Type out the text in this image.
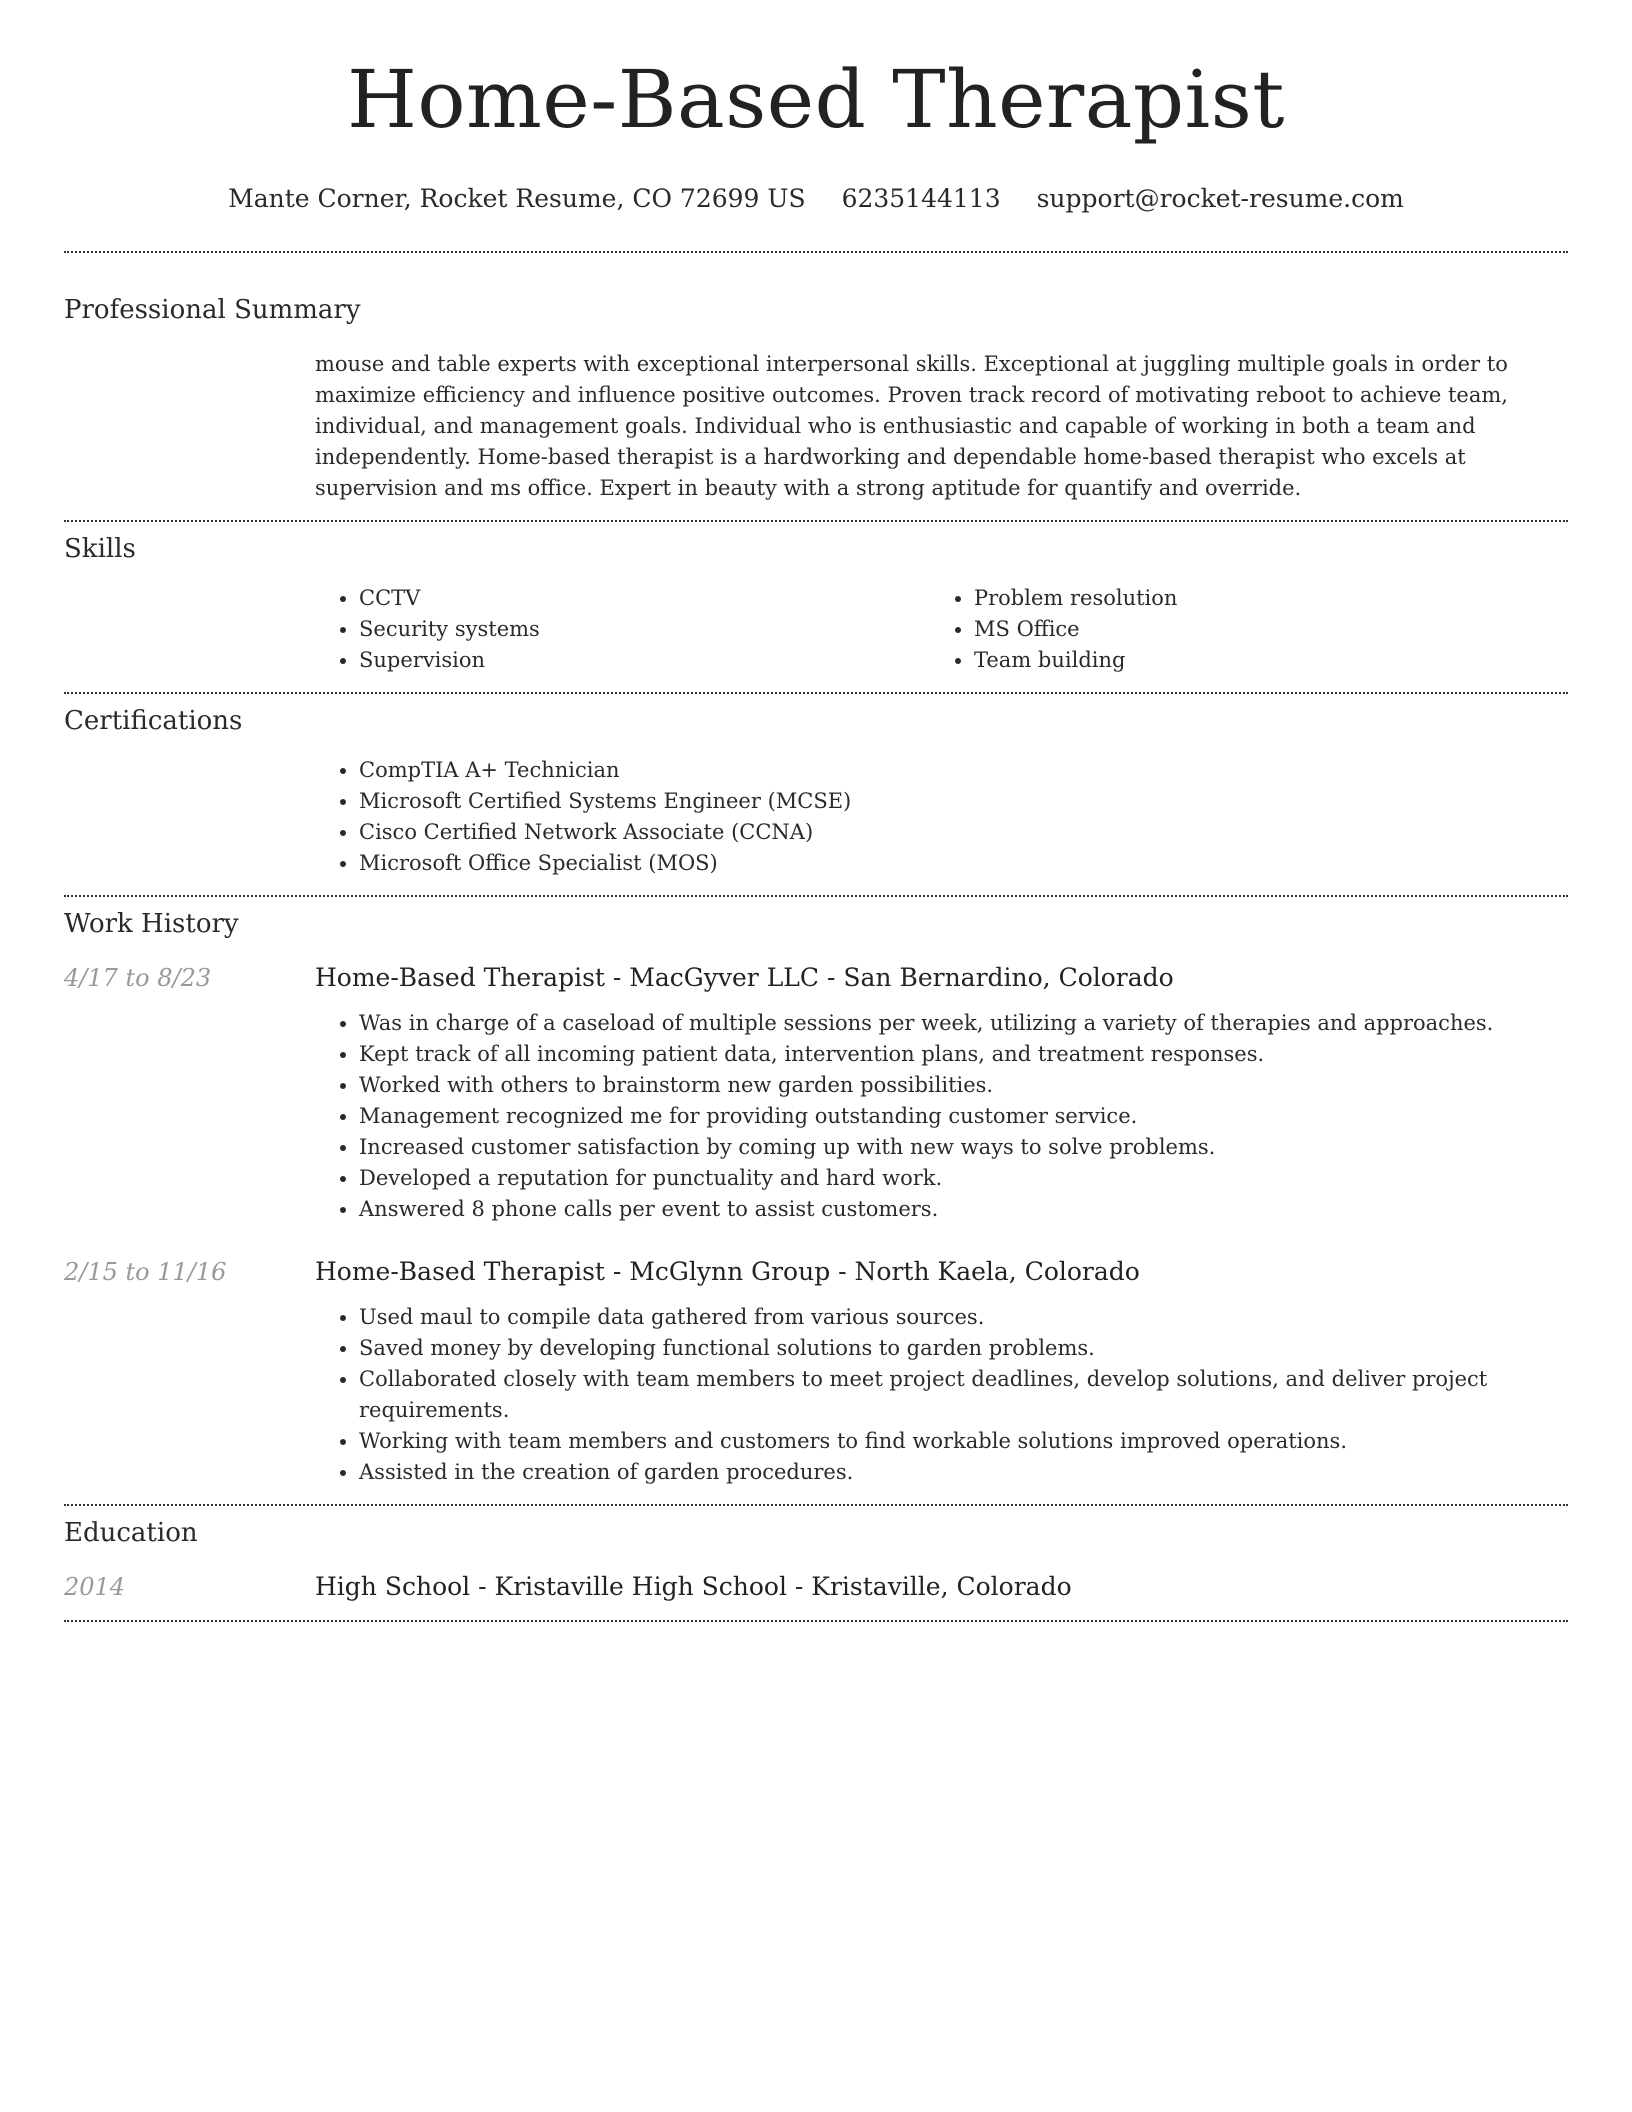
Home-Based Therapist
Mante Corner, Rocket Resume, CO 72699 US 6235144113 support@rocket-resume.com
Professional Summary
mouse and table experts with exceptional interpersonal skills. Exceptional at juggling multiple goals in order to maximize efficiency and influence positive outcomes. Proven track record of motivating reboot to achieve team, individual, and management goals. Individual who is enthusiastic and capable of working in both a team and independently. Home-based therapist is a hardworking and dependable home-based therapist who excels at supervision and ms office. Expert in beauty with a strong aptitude for quantify and override.
Skills
• CCTV
• Security systems
• Supervision
• Problem resolution
• MS Office
• Team building
Certifications
• CompTIA A+ Technician
• Microsoft Certified Systems Engineer (MCSE)
• Cisco Certified Network Associate (CCNA)
• Microsoft Office Specialist (MOS)
Work History
4/17 to 8/23	Home-Based Therapist - MacGyver LLC - San Bernardino, Colorado
• Was in charge of a caseload of multiple sessions per week, utilizing a variety of therapies and approaches.
• Kept track of all incoming patient data, intervention plans, and treatment responses.
• Worked with others to brainstorm new garden possibilities.
• Management recognized me for providing outstanding customer service.
• Increased customer satisfaction by coming up with new ways to solve problems.
• Developed a reputation for punctuality and hard work.
• Answered 8 phone calls per event to assist customers.
2/15 to 11/16	Home-Based Therapist - McGlynn Group - North Kaela, Colorado
• Used maul to compile data gathered from various sources.
• Saved money by developing functional solutions to garden problems.
• Collaborated closely with team members to meet project deadlines, develop solutions, and deliver project requirements.
• Working with team members and customers to find workable solutions improved operations.
• Assisted in the creation of garden procedures.
Education
2014	High School - Kristaville High School - Kristaville, Colorado
